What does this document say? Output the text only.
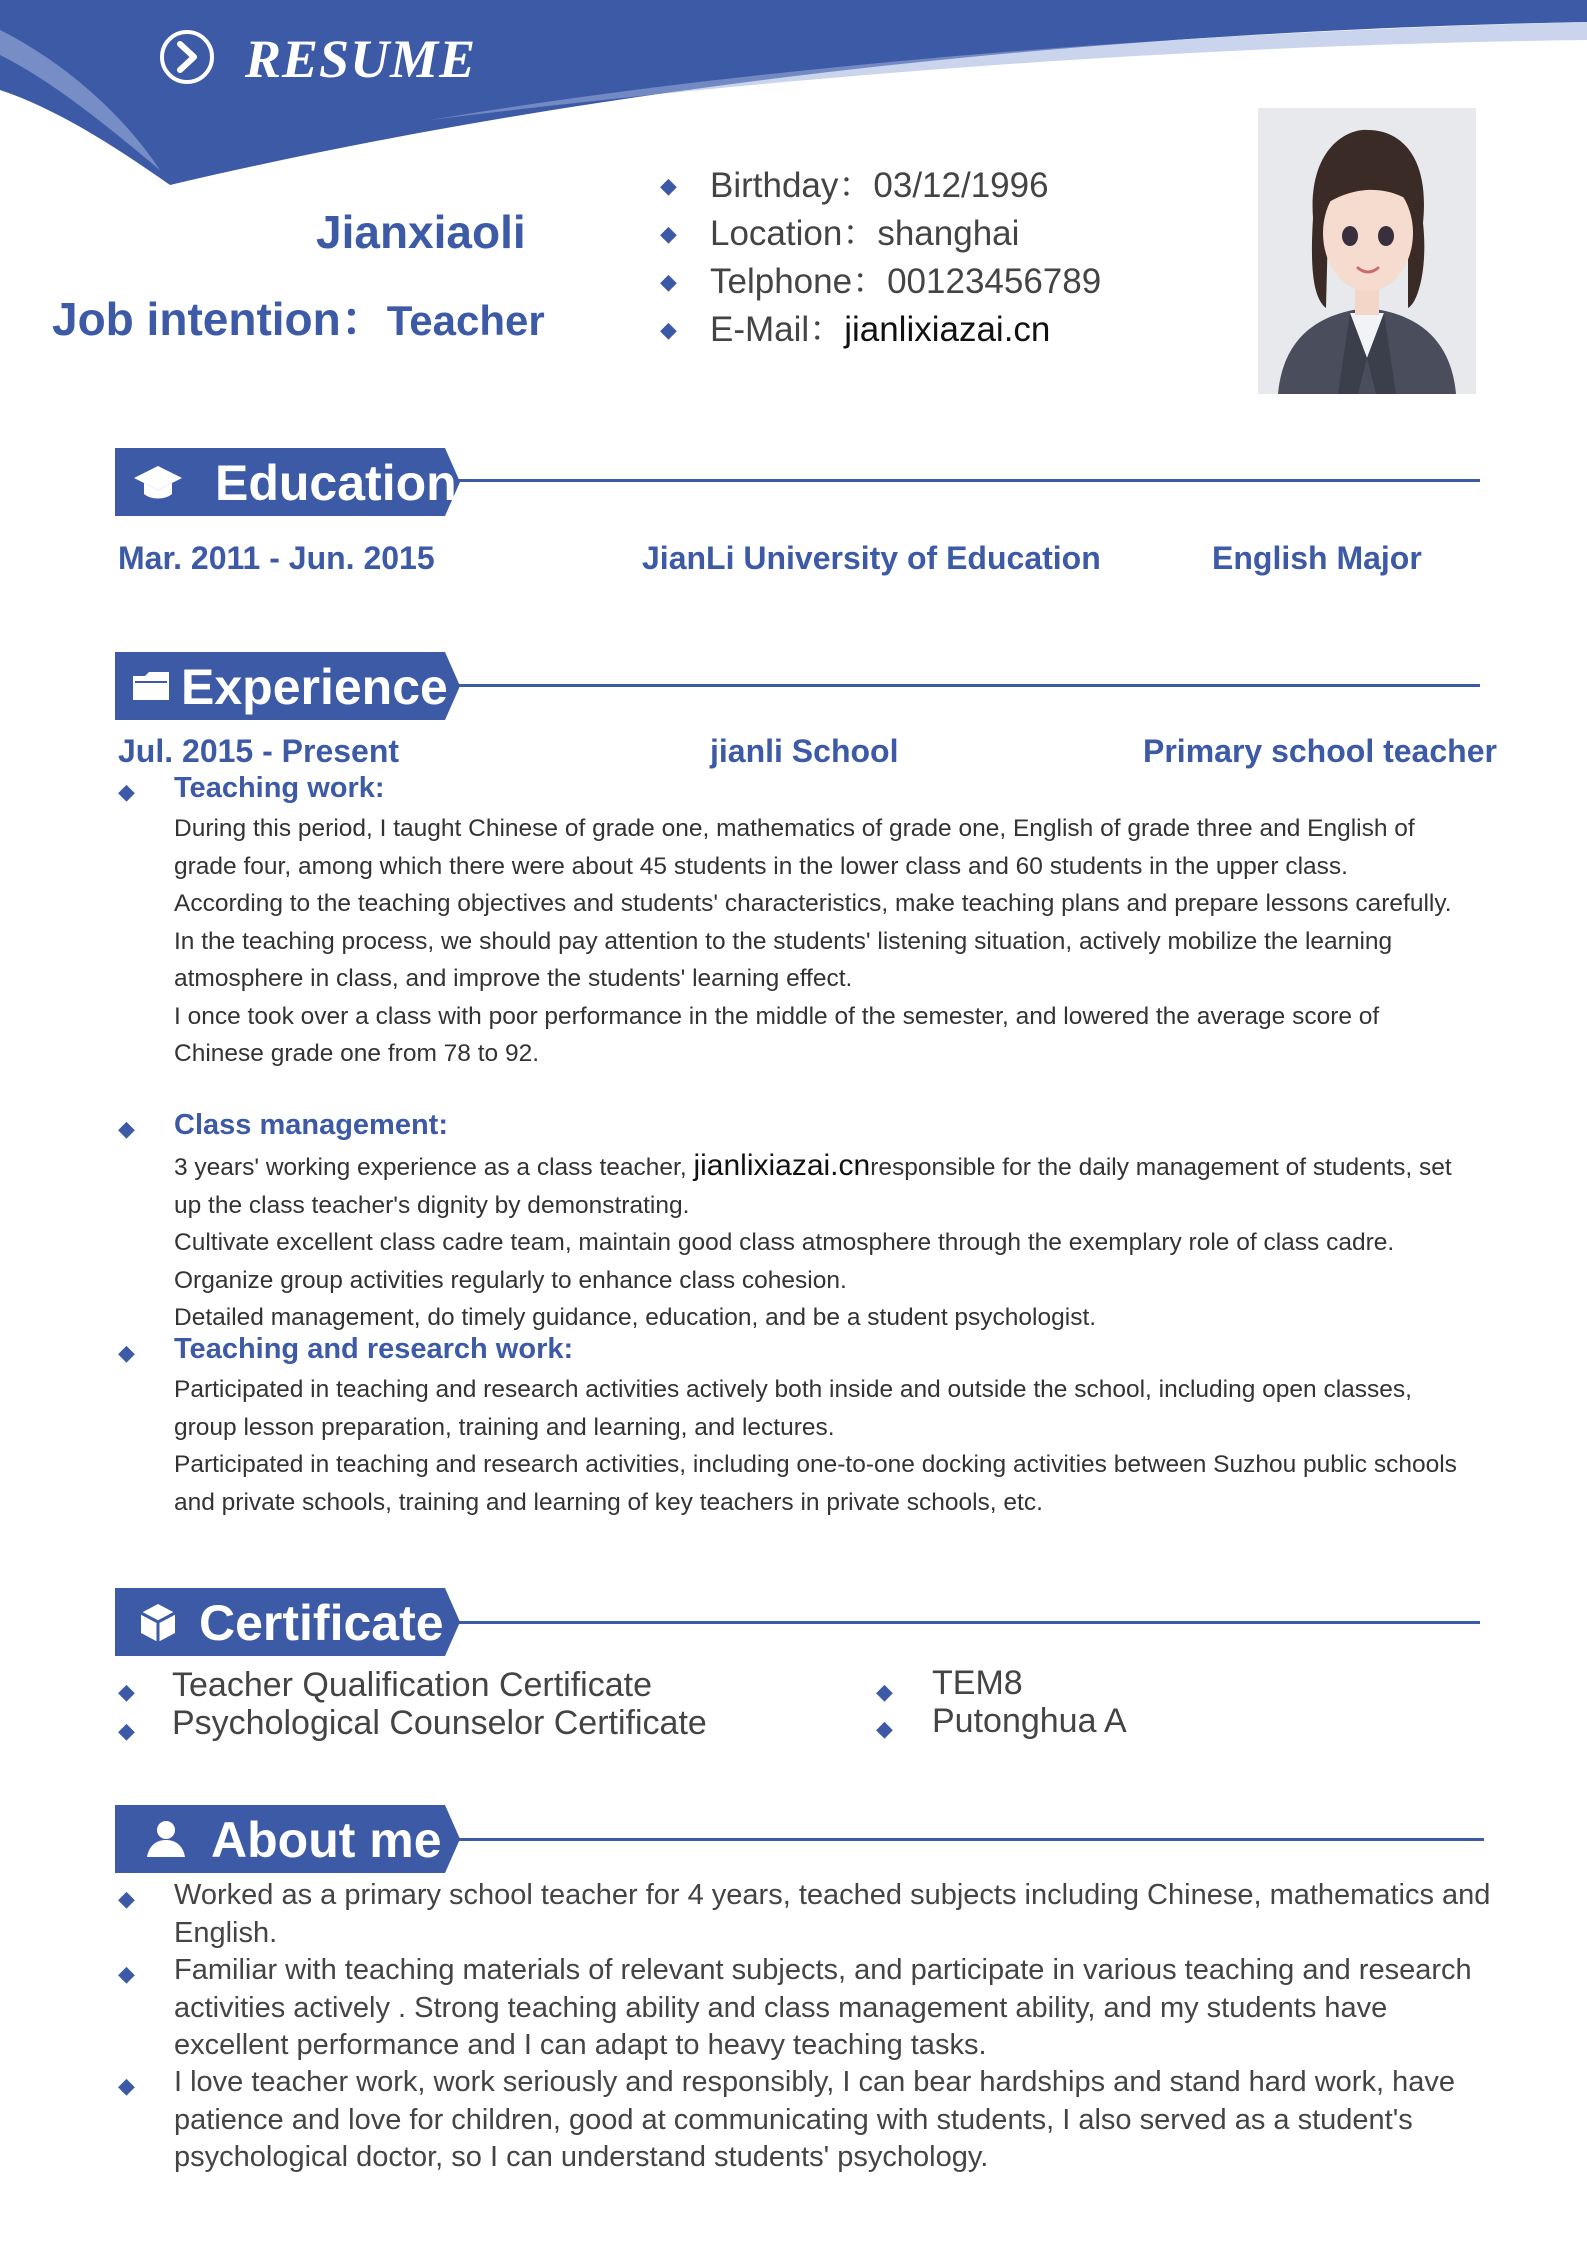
RESUME
Jianxiaoli
Job intention：Teacher
◆ Birthday：03/12/1996
◆ Location：shanghai
◆ Telphone：00123456789
◆ E-Mail：jianlixiazai.cn
Education
Mar. 2011 - Jun. 2015	JianLi University of Education	English Major
Experience
Jul. 2015 - Present	jianli School	Primary school teacher
◆ Teaching work:
During this period, I taught Chinese of grade one, mathematics of grade one, English of grade three and English of grade four, among which there were about 45 students in the lower class and 60 students in the upper class.
According to the teaching objectives and students' characteristics, make teaching plans and prepare lessons carefully.
In the teaching process, we should pay attention to the students' listening situation, actively mobilize the learning atmosphere in class, and improve the students' learning effect.
I once took over a class with poor performance in the middle of the semester, and lowered the average score of Chinese grade one from 78 to 92.
◆ Class management:
3 years' working experience as a class teacher, jianlixiazai.cnresponsible for the daily management of students, set up the class teacher's dignity by demonstrating.
Cultivate excellent class cadre team, maintain good class atmosphere through the exemplary role of class cadre.
Organize group activities regularly to enhance class cohesion.
Detailed management, do timely guidance, education, and be a student psychologist.
◆ Teaching and research work:
Participated in teaching and research activities actively both inside and outside the school, including open classes, group lesson preparation, training and learning, and lectures.
Participated in teaching and research activities, including one-to-one docking activities between Suzhou public schools and private schools, training and learning of key teachers in private schools, etc.
Certificate
◆ Teacher Qualification Certificate
◆ Psychological Counselor Certificate
◆ TEM8
◆ Putonghua A
About me
◆ Worked as a primary school teacher for 4 years, teached subjects including Chinese, mathematics and English.
◆ Familiar with teaching materials of relevant subjects, and participate in various teaching and research activities actively . Strong teaching ability and class management ability, and my students have excellent performance and I can adapt to heavy teaching tasks.
◆ I love teacher work, work seriously and responsibly, I can bear hardships and stand hard work, have patience and love for children, good at communicating with students, I also served as a student's psychological doctor, so I can understand students' psychology.
